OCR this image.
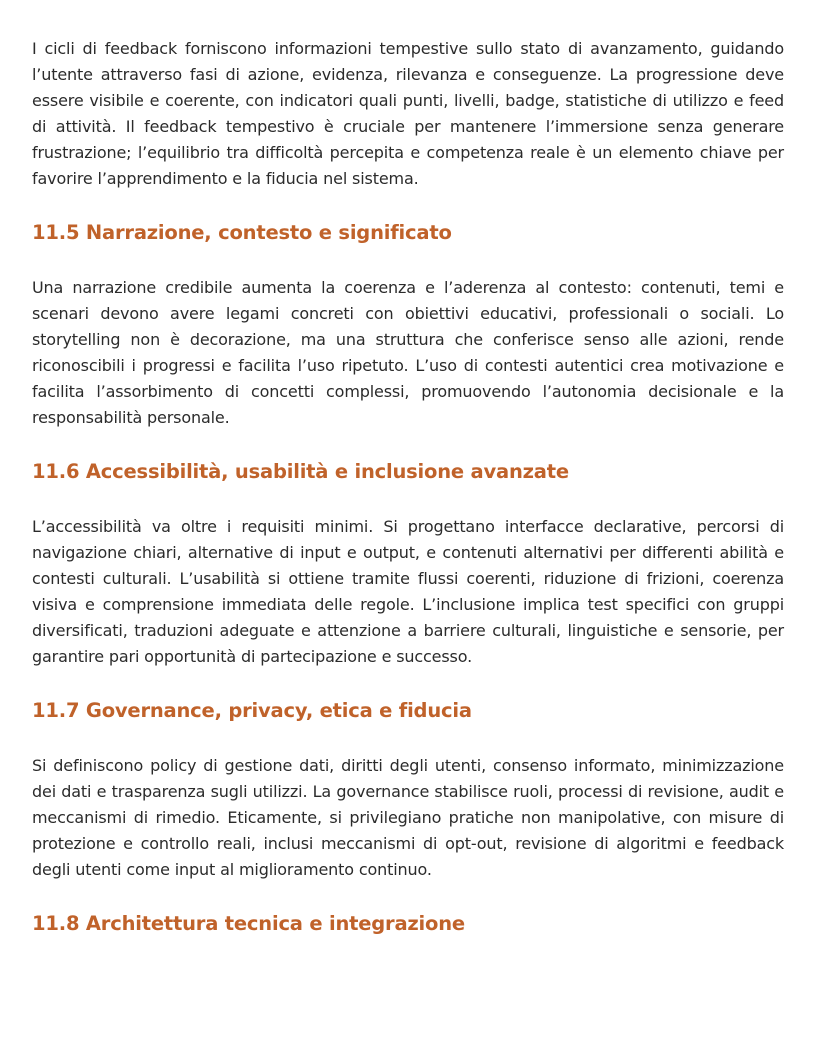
I cicli di feedback forniscono informazioni tempestive sullo stato di avanzamento, guidando l’utente attraverso fasi di azione, evidenza, rilevanza e conseguenze. La progressione deve essere visibile e coerente, con indicatori quali punti, livelli, badge, statistiche di utilizzo e feed di attività. Il feedback tempestivo è cruciale per mantenere l’immersione senza generare frustrazione; l’equilibrio tra difficoltà percepita e competenza reale è un elemento chiave per favorire l’apprendimento e la fiducia nel sistema.

11.5 Narrazione, contesto e significato

Una narrazione credibile aumenta la coerenza e l’aderenza al contesto: contenuti, temi e scenari devono avere legami concreti con obiettivi educativi, professionali o sociali. Lo storytelling non è decorazione, ma una struttura che conferisce senso alle azioni, rende riconoscibili i progressi e facilita l’uso ripetuto. L’uso di contesti autentici crea motivazione e facilita l’assorbimento di concetti complessi, promuovendo l’autonomia decisionale e la responsabilità personale.

11.6 Accessibilità, usabilità e inclusione avanzate

L’accessibilità va oltre i requisiti minimi. Si progettano interfacce declarative, percorsi di navigazione chiari, alternative di input e output, e contenuti alternativi per differenti abilità e contesti culturali. L’usabilità si ottiene tramite flussi coerenti, riduzione di frizioni, coerenza visiva e comprensione immediata delle regole. L’inclusione implica test specifici con gruppi diversificati, traduzioni adeguate e attenzione a barriere culturali, linguistiche e sensorie, per garantire pari opportunità di partecipazione e successo.

11.7 Governance, privacy, etica e fiducia

Si definiscono policy di gestione dati, diritti degli utenti, consenso informato, minimizzazione dei dati e trasparenza sugli utilizzi. La governance stabilisce ruoli, processi di revisione, audit e meccanismi di rimedio. Eticamente, si privilegiano pratiche non manipolative, con misure di protezione e controllo reali, inclusi meccanismi di opt-out, revisione di algoritmi e feedback degli utenti come input al miglioramento continuo.

11.8 Architettura tecnica e integrazione
